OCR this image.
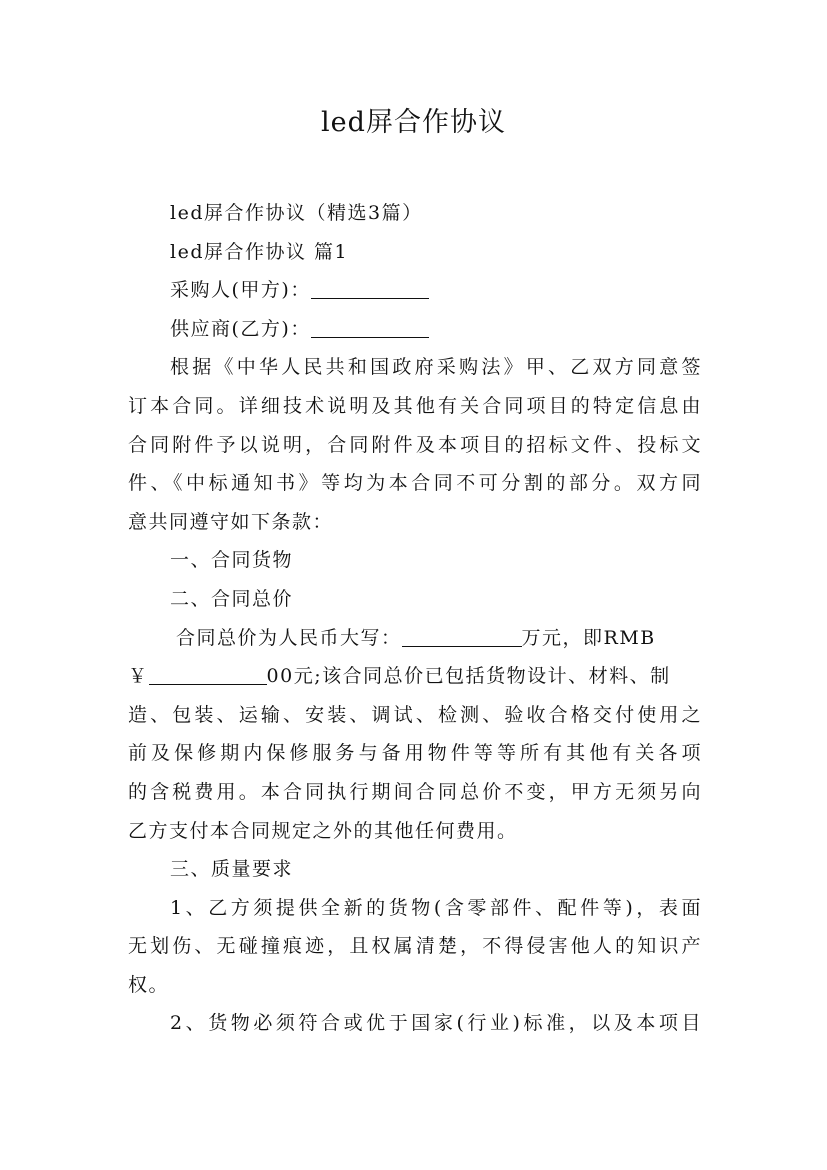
led屏合作协议
led屏合作协议（精选3篇）
led屏合作协议 篇1
采购人(甲方)：
供应商(乙方)：
根据《中华人民共和国政府采购法》甲、乙双方同意签
订本合同。详细技术说明及其他有关合同项目的特定信息由
合同附件予以说明，合同附件及本项目的招标文件、投标文
件、《中标通知书》等均为本合同不可分割的部分。双方同
意共同遵守如下条款：
一、合同货物
二、合同总价
合同总价为人民币大写：	万元，即RMB
￥	00元;该合同总价已包括货物设计、材料、制
造、包装、运输、安装、调试、检测、验收合格交付使用之
前及保修期内保修服务与备用物件等等所有其他有关各项
的含税费用。本合同执行期间合同总价不变，甲方无须另向
乙方支付本合同规定之外的其他任何费用。
三、质量要求
1、乙方须提供全新的货物(含零部件、配件等)，表面
无划伤、无碰撞痕迹，且权属清楚，不得侵害他人的知识产
权。
2、货物必须符合或优于国家(行业)标准，以及本项目
